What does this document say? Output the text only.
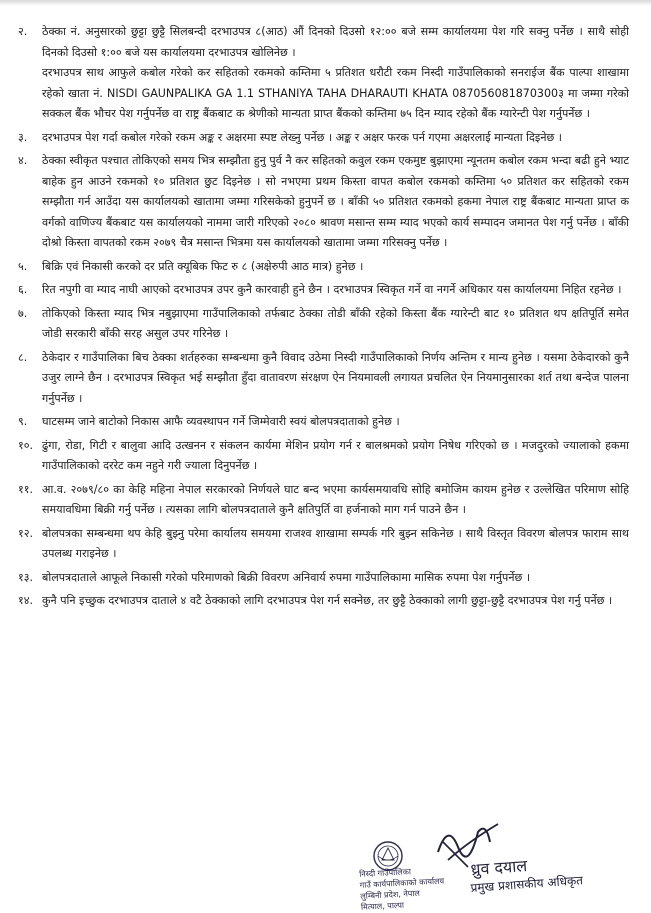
२.	ठेक्का नं. अनुसारको छुट्टा छुट्टै सिलबन्दी दरभाउपत्र ८(आठ) औं दिनको दिउसो १२:०० बजे सम्म कार्यालयमा पेश गरि सक्नु पर्नेछ । साथै सोही दिनको दिउसो १:०० बजे यस कार्यालयमा दरभाउपत्र खोलिनेछ ।
दरभाउपत्र साथ आफुले कबोल गरेको कर सहितको रकमको कम्तिमा ५ प्रतिशत धरौटी रकम निस्दी गाउँपालिकाको सनराईज बैंक पाल्पा शाखामा रहेको खाता नं. NISDI GAUNPALIKA GA 1.1 STHANIYA TAHA DHARAUTI KHATA 087056081870300३ मा जम्मा गरेको सक्कल बैंक भौचर पेश गर्नुपर्नेछ वा राष्ट्र बैंकबाट क श्रेणीको मान्यता प्राप्त बैंकको कम्तिमा ७५ दिन म्याद रहेको बैंक ग्यारेन्टी पेश गर्नुपर्नेछ ।
३.	दरभाउपत्र पेश गर्दा कबोल गरेको रकम अङ्क र अक्षरमा स्पष्ट लेख्नु पर्नेछ । अङ्क र अक्षर फरक पर्न गएमा अक्षरलाई मान्यता दिइनेछ ।
४.	ठेक्का स्वीकृत पश्चात तोकिएको समय भित्र सम्झौता हुनु पुर्व नै कर सहितको कवुल रकम एकमुष्ट बुझाएमा न्यूनतम कबोल रकम भन्दा बढी हुने भ्याट बाहेक हुन आउने रकमको १० प्रतिशत छुट दिइनेछ । सो नभएमा प्रथम किस्ता वापत कबोल रकमको कम्तिमा ५० प्रतिशत कर सहितको रकम सम्झौता गर्न आउँदा यस कार्यालयको खातामा जम्मा गरिसकेको हुनुपर्ने छ । बाँकी ५० प्रतिशत रकमको हकमा नेपाल राष्ट्र बैंकबाट मान्यता प्राप्त क वर्गको वाणिज्य बैंकबाट यस कार्यालयको नाममा जारी गरिएको २०८० श्रावण मसान्त सम्म म्याद भएको कार्य सम्पादन जमानत पेश गर्नु पर्नेछ । बाँकी दोश्रो किस्ता वापतको रकम २०७९ चैत्र मसान्त भित्रमा यस कार्यालयको खातामा जम्मा गरिसक्नु पर्नेछ ।
५.	बिक्रि एवं निकासी करको दर प्रति क्यूबिक फिट रु ८ (अक्षेरुपी आठ मात्र) हुनेछ ।
६.	रित नपुगी वा म्याद नाघी आएको दरभाउपत्र उपर कुनै कारवाही हुने छैन । दरभाउपत्र स्विकृत गर्ने वा नगर्ने अधिकार यस कार्यालयमा निहित रहनेछ ।
७.	तोकिएको किस्ता म्याद भित्र नबुझाएमा गाउँपालिकाको तर्फबाट ठेक्का तोडी बाँकी रहेको किस्ता बैंक ग्यारेन्टी बाट १० प्रतिशत थप क्षतिपूर्ति समेत जोडी सरकारी बाँकी सरह असुल उपर गरिनेछ ।
८.	ठेकेदार र गाउँपालिका बिच ठेक्का शर्तहरुका सम्बन्धमा कुनै विवाद उठेमा निस्दी गाउँपालिकाको निर्णय अन्तिम र मान्य हुनेछ । यसमा ठेकेदारको कुनै उजुर लाग्ने छैन । दरभाउपत्र स्विकृत भई सम्झौता हुँदा वातावरण संरक्षण ऐन नियमावली लगायत प्रचलित ऐन नियमानुसारका शर्त तथा बन्देज पालना गर्नुपर्नेछ ।
९.	घाटसम्म जाने बाटोको निकास आफै व्यवस्थापन गर्ने जिम्मेवारी स्वयं बोलपत्रदाताको हुनेछ ।
१०. ढुंगा, रोडा, गिटी र बालुवा आदि उत्खनन र संकलन कार्यमा मेशिन प्रयोग गर्न र बालश्रमको प्रयोग निषेध गरिएको छ । मजदुरको ज्यालाको हकमा गाउँपालिकाको दररेट कम नहुने गरी ज्याला दिनुपर्नेछ ।
११. आ.व. २०७९/८० का केहि महिना नेपाल सरकारको निर्णयले घाट बन्द भएमा कार्यसमयावधि सोहि बमोजिम कायम हुनेछ र उल्लेखित परिमाण सोहि समयावधिमा बिक्री गर्नु पर्नेछ । त्यसका लागि बोलपत्रदाताले कुनै क्षतिपुर्ति वा हर्जनाको माग गर्न पाउने छैन ।
१२. बोलपत्रका सम्बन्धमा थप केहि बुझ्नु परेमा कार्यालय समयमा राजश्व शाखामा सम्पर्क गरि बुझ्न सकिनेछ । साथै विस्तृत विवरण बोलपत्र फाराम साथ उपलब्ध गराइनेछ ।
१३. बोलपत्रदाताले आफूले निकासी गरेको परिमाणको बिक्री विवरण अनिवार्य रुपमा गाउँपालिकामा मासिक रुपमा पेश गर्नुपर्नेछ ।
१४. कुनै पनि इच्छुक दरभाउपत्र दाताले ४ वटै ठेक्काको लागि दरभाउपत्र पेश गर्न सक्नेछ, तर छुट्टै ठेक्काको लागी छुट्टा-छुट्टै दरभाउपत्र पेश गर्नु पर्नेछ ।
निस्दी गाउँपालिका
गाउँ कार्यपालिकाको कार्यालय
लुम्बिनी प्रदेश, नेपाल
मित्याल, पाल्पा
ध्रुव दयाल
प्रमुख प्रशासकीय अधिकृत
